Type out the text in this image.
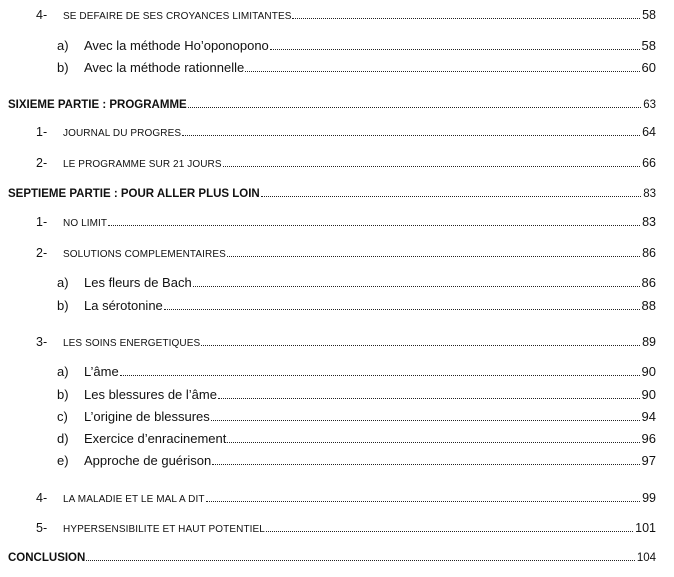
4- SE DEFAIRE DE SES CROYANCES LIMITANTES	58
a) Avec la méthode Ho’oponopono	58
b) Avec la méthode rationnelle	60
SIXIEME PARTIE : PROGRAMME	63
1- JOURNAL DU PROGRES	64
2- LE PROGRAMME SUR 21 JOURS	66
SEPTIEME PARTIE : POUR ALLER PLUS LOIN	83
1- NO LIMIT	83
2- SOLUTIONS COMPLEMENTAIRES	86
a) Les fleurs de Bach	86
b) La sérotonine	88
3- LES SOINS ENERGETIQUES	89
a) L’âme	90
b) Les blessures de l’âme	90
c) L’origine de blessures	94
d) Exercice d’enracinement	96
e) Approche de guérison	97
4- LA MALADIE ET LE MAL A DIT	99
5- HYPERSENSIBILITE ET HAUT POTENTIEL	101
CONCLUSION	104
